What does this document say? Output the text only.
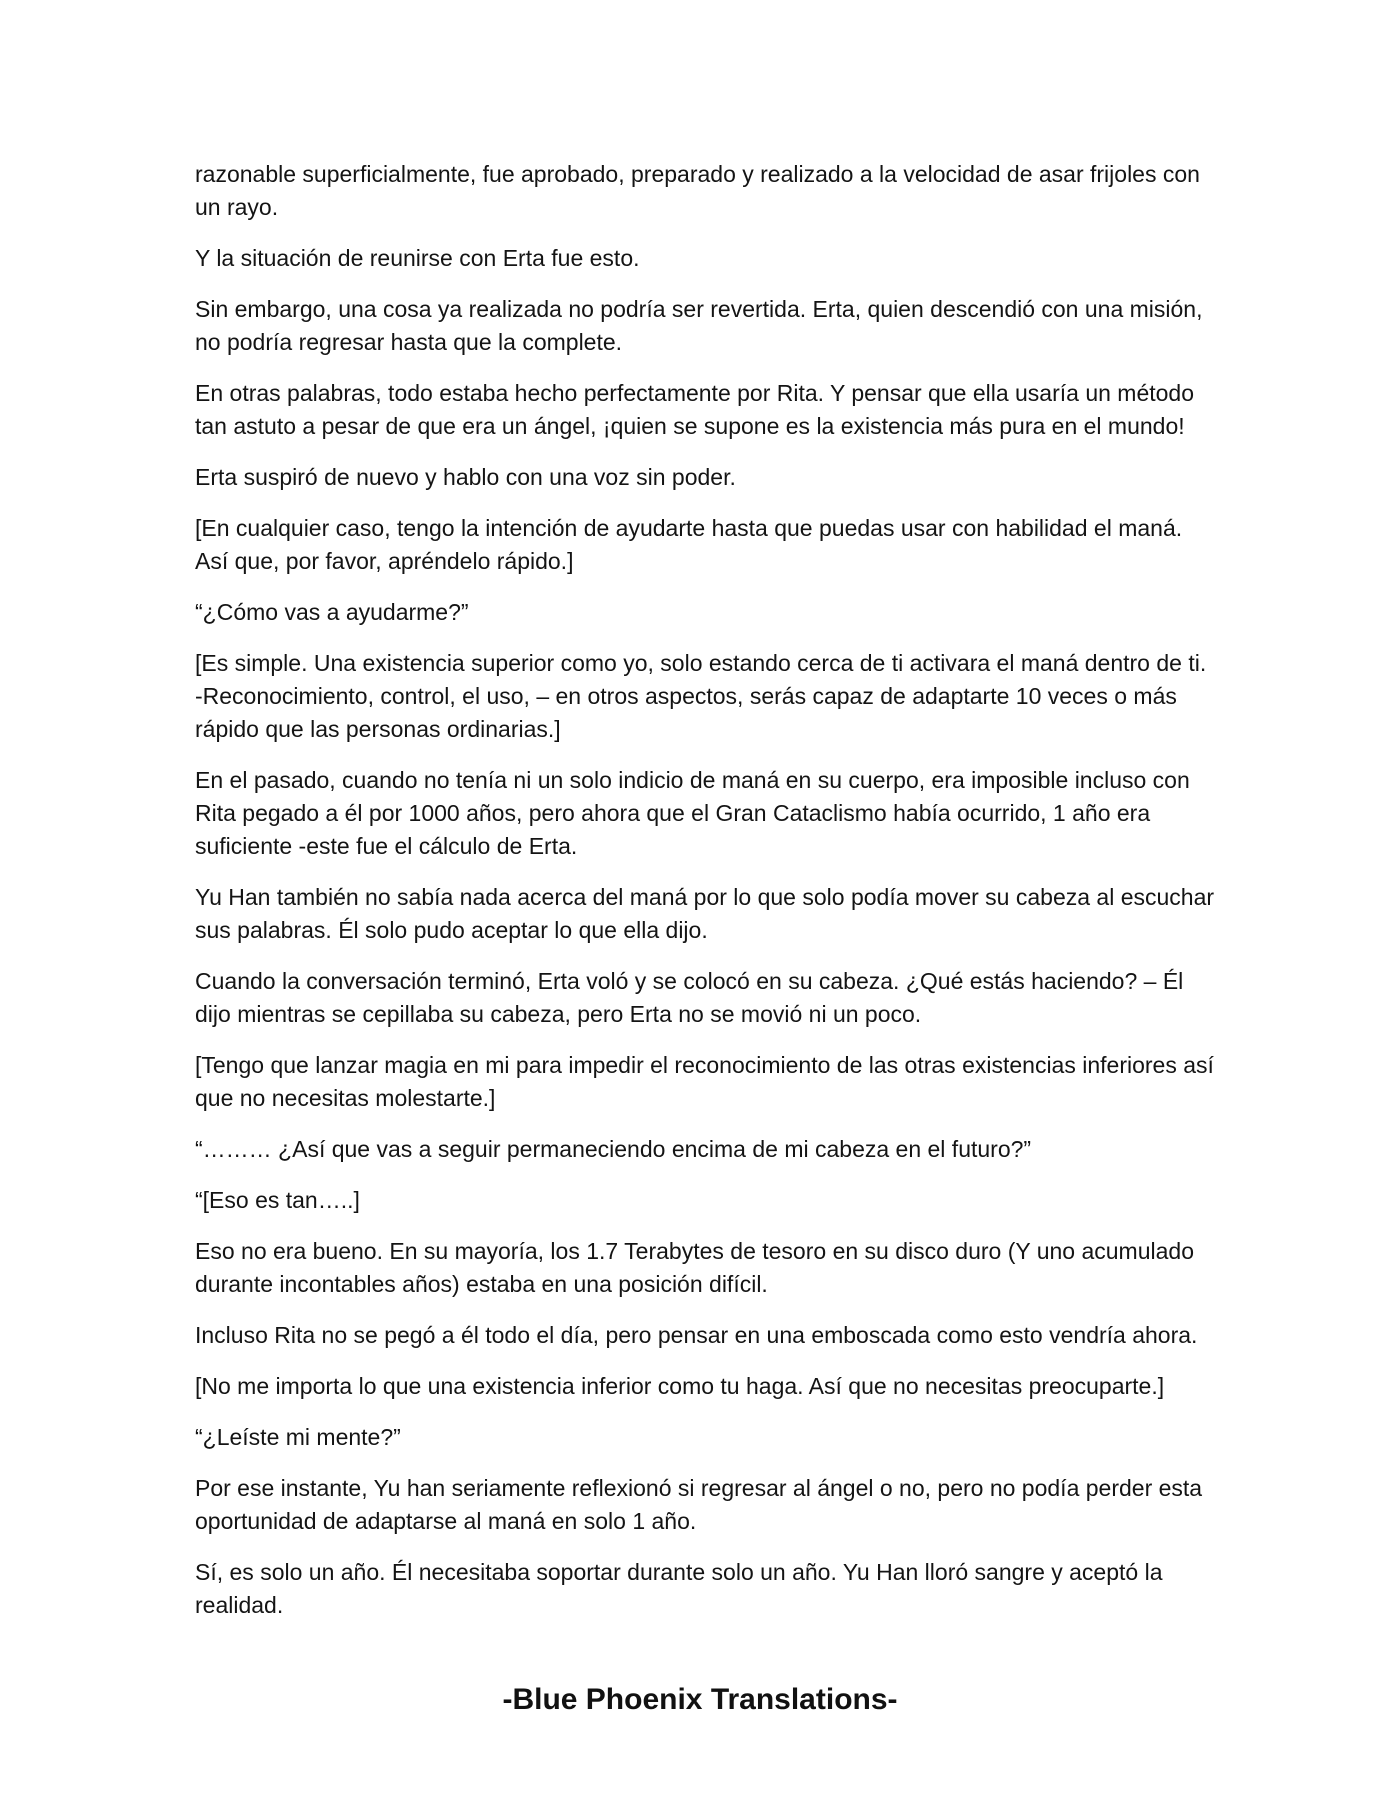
razonable superficialmente, fue aprobado, preparado y realizado a la velocidad de asar frijoles con un rayo.

Y la situación de reunirse con Erta fue esto.

Sin embargo, una cosa ya realizada no podría ser revertida. Erta, quien descendió con una misión, no podría regresar hasta que la complete.

En otras palabras, todo estaba hecho perfectamente por Rita. Y pensar que ella usaría un método tan astuto a pesar de que era un ángel, ¡quien se supone es la existencia más pura en el mundo!

Erta suspiró de nuevo y hablo con una voz sin poder.

[En cualquier caso, tengo la intención de ayudarte hasta que puedas usar con habilidad el maná. Así que, por favor, apréndelo rápido.]

“¿Cómo vas a ayudarme?”

[Es simple. Una existencia superior como yo, solo estando cerca de ti activara el maná dentro de ti. -Reconocimiento, control, el uso, – en otros aspectos, serás capaz de adaptarte 10 veces o más rápido que las personas ordinarias.]

En el pasado, cuando no tenía ni un solo indicio de maná en su cuerpo, era imposible incluso con Rita pegado a él por 1000 años, pero ahora que el Gran Cataclismo había ocurrido, 1 año era suficiente -este fue el cálculo de Erta.

Yu Han también no sabía nada acerca del maná por lo que solo podía mover su cabeza al escuchar sus palabras. Él solo pudo aceptar lo que ella dijo.

Cuando la conversación terminó, Erta voló y se colocó en su cabeza. ¿Qué estás haciendo? – Él dijo mientras se cepillaba su cabeza, pero Erta no se movió ni un poco.

[Tengo que lanzar magia en mi para impedir el reconocimiento de las otras existencias inferiores así que no necesitas molestarte.]

“……… ¿Así que vas a seguir permaneciendo encima de mi cabeza en el futuro?”

“[Eso es tan…..]

Eso no era bueno. En su mayoría, los 1.7 Terabytes de tesoro en su disco duro (Y uno acumulado durante incontables años) estaba en una posición difícil.

Incluso Rita no se pegó a él todo el día, pero pensar en una emboscada como esto vendría ahora.

[No me importa lo que una existencia inferior como tu haga. Así que no necesitas preocuparte.]

“¿Leíste mi mente?”

Por ese instante, Yu han seriamente reflexionó si regresar al ángel o no, pero no podía perder esta oportunidad de adaptarse al maná en solo 1 año.

Sí, es solo un año. Él necesitaba soportar durante solo un año. Yu Han lloró sangre y aceptó la realidad.

-Blue Phoenix Translations-
